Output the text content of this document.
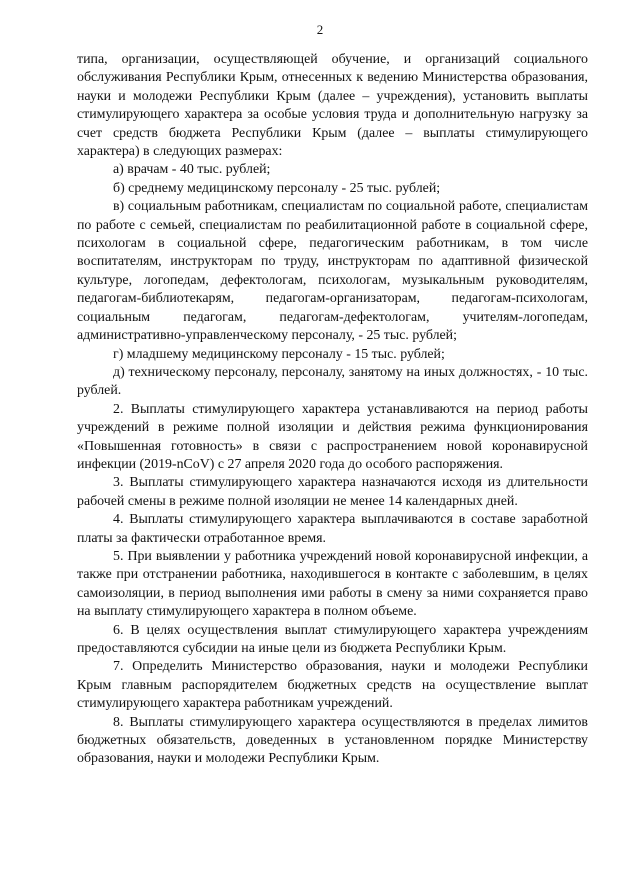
2

типа, организации, осуществляющей обучение, и организаций социального обслуживания Республики Крым, отнесенных к ведению Министерства образования, науки и молодежи Республики Крым (далее – учреждения), установить выплаты стимулирующего характера за особые условия труда и дополнительную нагрузку за счет средств бюджета Республики Крым (далее – выплаты стимулирующего характера) в следующих размерах:

а) врачам - 40 тыс. рублей;

б) среднему медицинскому персоналу - 25 тыс. рублей;

в) социальным работникам, специалистам по социальной работе, специалистам по работе с семьей, специалистам по реабилитационной работе в социальной сфере, психологам в социальной сфере, педагогическим работникам, в том числе воспитателям, инструкторам по труду, инструкторам по адаптивной физической культуре, логопедам, дефектологам, психологам, музыкальным руководителям, педагогам-библиотекарям, педагогам-организаторам, педагогам-психологам, социальным педагогам, педагогам-дефектологам, учителям-логопедам, административно-управленческому персоналу, - 25 тыс. рублей;

г) младшему медицинскому персоналу - 15 тыс. рублей;

д) техническому персоналу, персоналу, занятому на иных должностях, - 10 тыс. рублей.

2. Выплаты стимулирующего характера устанавливаются на период работы учреждений в режиме полной изоляции и действия режима функционирования «Повышенная готовность» в связи с распространением новой коронавирусной инфекции (2019-nCoV) с 27 апреля 2020 года до особого распоряжения.

3. Выплаты стимулирующего характера назначаются исходя из длительности рабочей смены в режиме полной изоляции не менее 14 календарных дней.

4. Выплаты стимулирующего характера выплачиваются в составе заработной платы за фактически отработанное время.

5. При выявлении у работника учреждений новой коронавирусной инфекции, а также при отстранении работника, находившегося в контакте с заболевшим, в целях самоизоляции, в период выполнения ими работы в смену за ними сохраняется право на выплату стимулирующего характера в полном объеме.

6. В целях осуществления выплат стимулирующего характера учреждениям предоставляются субсидии на иные цели из бюджета Республики Крым.

7. Определить Министерство образования, науки и молодежи Республики Крым главным распорядителем бюджетных средств на осуществление выплат стимулирующего характера работникам учреждений.

8. Выплаты стимулирующего характера осуществляются в пределах лимитов бюджетных обязательств, доведенных в установленном порядке Министерству образования, науки и молодежи Республики Крым.
